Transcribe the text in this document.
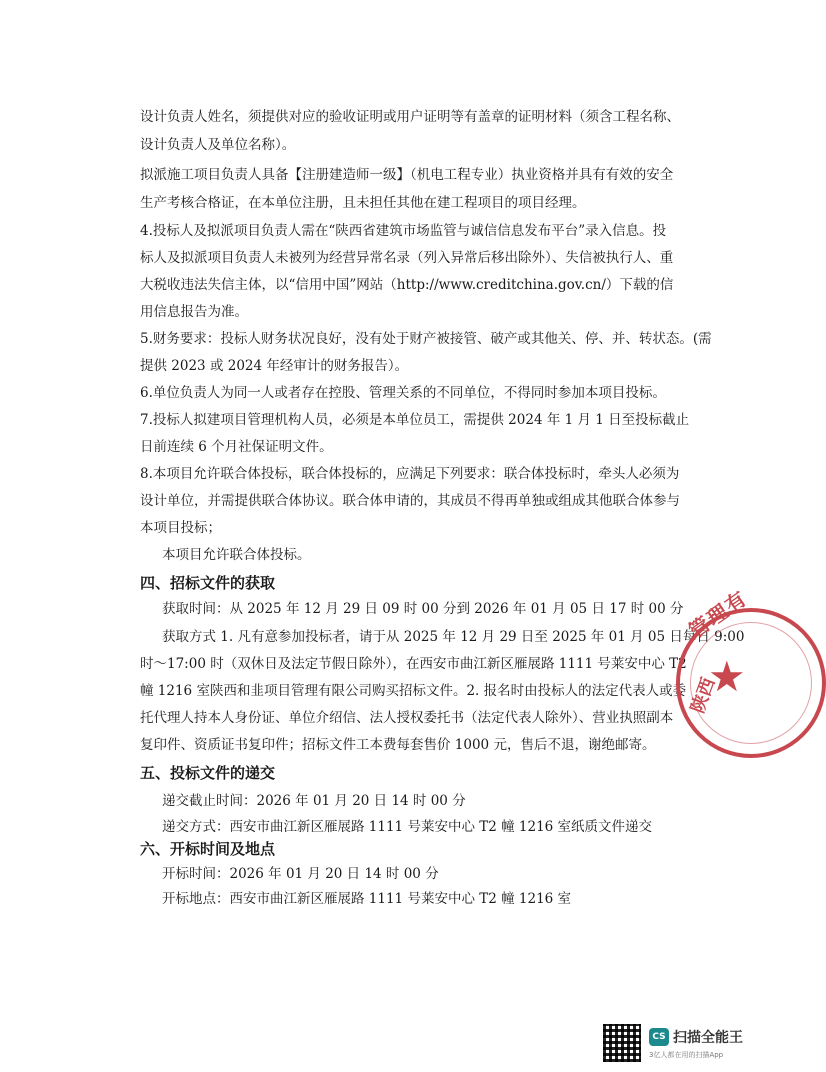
设计负责人姓名，须提供对应的验收证明或用户证明等有盖章的证明材料（须含工程名称、
设计负责人及单位名称）。
拟派施工项目负责人具备【注册建造师一级】（机电工程专业）执业资格并具有有效的安全
生产考核合格证，在本单位注册，且未担任其他在建工程项目的项目经理。
4.投标人及拟派项目负责人需在“陕西省建筑市场监管与诚信信息发布平台”录入信息。投
标人及拟派项目负责人未被列为经营异常名录（列入异常后移出除外）、失信被执行人、重
大税收违法失信主体，以“信用中国”网站（http://www.creditchina.gov.cn/）下载的信
用信息报告为准。
5.财务要求：投标人财务状况良好，没有处于财产被接管、破产或其他关、停、并、转状态。(需
提供 2023 或 2024 年经审计的财务报告）。
6.单位负责人为同一人或者存在控股、管理关系的不同单位，不得同时参加本项目投标。
7.投标人拟建项目管理机构人员，必须是本单位员工，需提供 2024 年 1 月 1 日至投标截止
日前连续 6 个月社保证明文件。
8.本项目允许联合体投标，联合体投标的，应满足下列要求：联合体投标时，牵头人必须为
设计单位，并需提供联合体协议。联合体申请的，其成员不得再单独或组成其他联合体参与
本项目投标；
本项目允许联合体投标。
四、招标文件的获取
获取时间：从 2025 年 12 月 29 日 09 时 00 分到 2026 年 01 月 05 日 17 时 00 分
获取方式 1. 凡有意参加投标者，请于从 2025 年 12 月 29 日至 2025 年 01 月 05 日每日 9:00
时～17:00 时（双休日及法定节假日除外），在西安市曲江新区雁展路 1111 号莱安中心 T2
幢 1216 室陕西和韭项目管理有限公司购买招标文件。2. 报名时由投标人的法定代表人或委
托代理人持本人身份证、单位介绍信、法人授权委托书（法定代表人除外）、营业执照副本
复印件、资质证书复印件；招标文件工本费每套售价 1000 元，售后不退，谢绝邮寄。
五、投标文件的递交
递交截止时间：2026 年 01 月 20 日 14 时 00 分
递交方式：西安市曲江新区雁展路 1111 号莱安中心 T2 幢 1216 室纸质文件递交
六、开标时间及地点
开标时间：2026 年 01 月 20 日 14 时 00 分
开标地点：西安市曲江新区雁展路 1111 号莱安中心 T2 幢 1216 室
管理有
★
陕西
CS 扫描全能王
3亿人都在用的扫描App
